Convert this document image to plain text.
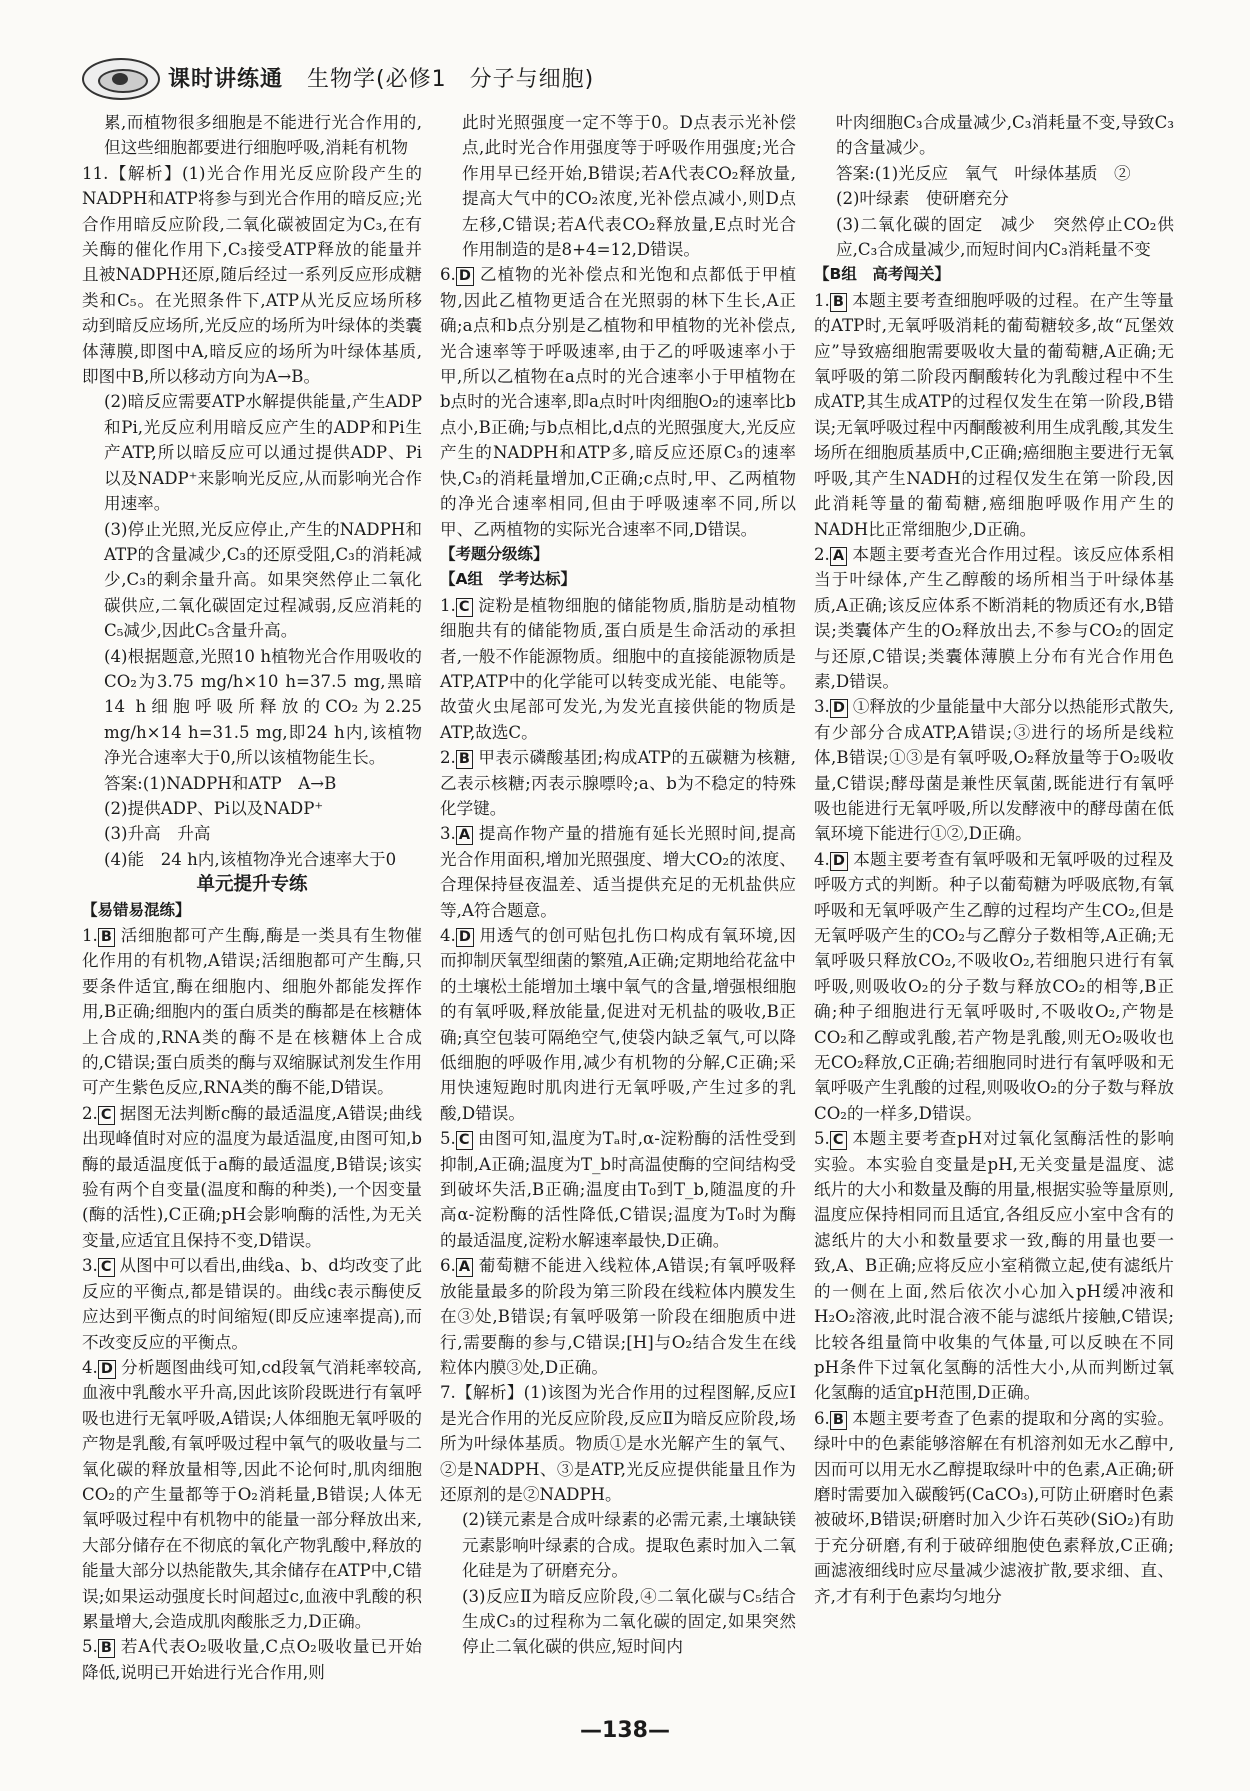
课时讲练通 生物学(必修1　分子与细胞)
累,而植物很多细胞是不能进行光合作用的,但这些细胞都要进行细胞呼吸,消耗有机物
11.【解析】(1)光合作用光反应阶段产生的NADPH和ATP将参与到光合作用的暗反应;光合作用暗反应阶段,二氧化碳被固定为C₃,在有关酶的催化作用下,C₃接受ATP释放的能量并且被NADPH还原,随后经过一系列反应形成糖类和C₅。在光照条件下,ATP从光反应场所移动到暗反应场所,光反应的场所为叶绿体的类囊体薄膜,即图中A,暗反应的场所为叶绿体基质,即图中B,所以移动方向为A→B。
(2)暗反应需要ATP水解提供能量,产生ADP和Pi,光反应利用暗反应产生的ADP和Pi生产ATP,所以暗反应可以通过提供ADP、Pi以及NADP⁺来影响光反应,从而影响光合作用速率。
(3)停止光照,光反应停止,产生的NADPH和ATP的含量减少,C₃的还原受阻,C₃的消耗减少,C₃的剩余量升高。如果突然停止二氧化碳供应,二氧化碳固定过程减弱,反应消耗的C₅减少,因此C₅含量升高。
(4)根据题意,光照10 h植物光合作用吸收的CO₂为3.75 mg/h×10 h=37.5 mg,黑暗14 h细胞呼吸所释放的CO₂为2.25 mg/h×14 h=31.5 mg,即24 h内,该植物净光合速率大于0,所以该植物能生长。
答案:(1)NADPH和ATP　A→B
(2)提供ADP、Pi以及NADP⁺
(3)升高　升高
(4)能　24 h内,该植物净光合速率大于0
单元提升专练
【易错易混练】
1. B 活细胞都可产生酶,酶是一类具有生物催化作用的有机物,A错误;活细胞都可产生酶,只要条件适宜,酶在细胞内、细胞外都能发挥作用,B正确;细胞内的蛋白质类的酶都是在核糖体上合成的,RNA类的酶不是在核糖体上合成的,C错误;蛋白质类的酶与双缩脲试剂发生作用可产生紫色反应,RNA类的酶不能,D错误。
2. C 据图无法判断c酶的最适温度,A错误;曲线出现峰值时对应的温度为最适温度,由图可知,b酶的最适温度低于a酶的最适温度,B错误;该实验有两个自变量(温度和酶的种类),一个因变量(酶的活性),C正确;pH会影响酶的活性,为无关变量,应适宜且保持不变,D错误。
3. C 从图中可以看出,曲线a、b、d均改变了此反应的平衡点,都是错误的。曲线c表示酶使反应达到平衡点的时间缩短(即反应速率提高),而不改变反应的平衡点。
4. D 分析题图曲线可知,cd段氧气消耗率较高,血液中乳酸水平升高,因此该阶段既进行有氧呼吸也进行无氧呼吸,A错误;人体细胞无氧呼吸的产物是乳酸,有氧呼吸过程中氧气的吸收量与二氧化碳的释放量相等,因此不论何时,肌肉细胞CO₂的产生量都等于O₂消耗量,B错误;人体无氧呼吸过程中有机物中的能量一部分释放出来,大部分储存在不彻底的氧化产物乳酸中,释放的能量大部分以热能散失,其余储存在ATP中,C错误;如果运动强度长时间超过c,血液中乳酸的积累量增大,会造成肌肉酸胀乏力,D正确。
5. B 若A代表O₂吸收量,C点O₂吸收量已开始降低,说明已开始进行光合作用,则
此时光照强度一定不等于0。D点表示光补偿点,此时光合作用强度等于呼吸作用强度;光合作用早已经开始,B错误;若A代表CO₂释放量,提高大气中的CO₂浓度,光补偿点减小,则D点左移,C错误;若A代表CO₂释放量,E点时光合作用制造的是8+4=12,D错误。
6. D 乙植物的光补偿点和光饱和点都低于甲植物,因此乙植物更适合在光照弱的林下生长,A正确;a点和b点分别是乙植物和甲植物的光补偿点,光合速率等于呼吸速率,由于乙的呼吸速率小于甲,所以乙植物在a点时的光合速率小于甲植物在b点时的光合速率,即a点时叶肉细胞O₂的速率比b点小,B正确;与b点相比,d点的光照强度大,光反应产生的NADPH和ATP多,暗反应还原C₃的速率快,C₃的消耗量增加,C正确;c点时,甲、乙两植物的净光合速率相同,但由于呼吸速率不同,所以甲、乙两植物的实际光合速率不同,D错误。
【考题分级练】
【A组　学考达标】
1. C 淀粉是植物细胞的储能物质,脂肪是动植物细胞共有的储能物质,蛋白质是生命活动的承担者,一般不作能源物质。细胞中的直接能源物质是ATP,ATP中的化学能可以转变成光能、电能等。故萤火虫尾部可发光,为发光直接供能的物质是ATP,故选C。
2. B 甲表示磷酸基团;构成ATP的五碳糖为核糖,乙表示核糖;丙表示腺嘌呤;a、b为不稳定的特殊化学键。
3. A 提高作物产量的措施有延长光照时间,提高光合作用面积,增加光照强度、增大CO₂的浓度、合理保持昼夜温差、适当提供充足的无机盐供应等,A符合题意。
4. D 用透气的创可贴包扎伤口构成有氧环境,因而抑制厌氧型细菌的繁殖,A正确;定期地给花盆中的土壤松土能增加土壤中氧气的含量,增强根细胞的有氧呼吸,释放能量,促进对无机盐的吸收,B正确;真空包装可隔绝空气,使袋内缺乏氧气,可以降低细胞的呼吸作用,减少有机物的分解,C正确;采用快速短跑时肌肉进行无氧呼吸,产生过多的乳酸,D错误。
5. C 由图可知,温度为Tₐ时,α-淀粉酶的活性受到抑制,A正确;温度为T_b时高温使酶的空间结构受到破坏失活,B正确;温度由T₀到T_b,随温度的升高α-淀粉酶的活性降低,C错误;温度为T₀时为酶的最适温度,淀粉水解速率最快,D正确。
6. A 葡萄糖不能进入线粒体,A错误;有氧呼吸释放能量最多的阶段为第三阶段在线粒体内膜发生在③处,B错误;有氧呼吸第一阶段在细胞质中进行,需要酶的参与,C错误;[H]与O₂结合发生在线粒体内膜③处,D正确。
7.【解析】(1)该图为光合作用的过程图解,反应Ⅰ是光合作用的光反应阶段,反应Ⅱ为暗反应阶段,场所为叶绿体基质。物质①是水光解产生的氧气、②是NADPH、③是ATP,光反应提供能量且作为还原剂的是②NADPH。
(2)镁元素是合成叶绿素的必需元素,土壤缺镁元素影响叶绿素的合成。提取色素时加入二氧化硅是为了研磨充分。
(3)反应Ⅱ为暗反应阶段,④二氧化碳与C₅结合生成C₃的过程称为二氧化碳的固定,如果突然停止二氧化碳的供应,短时间内
叶肉细胞C₃合成量减少,C₃消耗量不变,导致C₃的含量减少。
答案:(1)光反应　氧气　叶绿体基质　②
(2)叶绿素　使研磨充分
(3)二氧化碳的固定　减少　突然停止CO₂供应,C₃合成量减少,而短时间内C₃消耗量不变
【B组　高考闯关】
1. B 本题主要考查细胞呼吸的过程。在产生等量的ATP时,无氧呼吸消耗的葡萄糖较多,故“瓦堡效应”导致癌细胞需要吸收大量的葡萄糖,A正确;无氧呼吸的第二阶段丙酮酸转化为乳酸过程中不生成ATP,其生成ATP的过程仅发生在第一阶段,B错误;无氧呼吸过程中丙酮酸被利用生成乳酸,其发生场所在细胞质基质中,C正确;癌细胞主要进行无氧呼吸,其产生NADH的过程仅发生在第一阶段,因此消耗等量的葡萄糖,癌细胞呼吸作用产生的NADH比正常细胞少,D正确。
2. A 本题主要考查光合作用过程。该反应体系相当于叶绿体,产生乙醇酸的场所相当于叶绿体基质,A正确;该反应体系不断消耗的物质还有水,B错误;类囊体产生的O₂释放出去,不参与CO₂的固定与还原,C错误;类囊体薄膜上分布有光合作用色素,D错误。
3. D ①释放的少量能量中大部分以热能形式散失,有少部分合成ATP,A错误;③进行的场所是线粒体,B错误;①③是有氧呼吸,O₂释放量等于O₂吸收量,C错误;酵母菌是兼性厌氧菌,既能进行有氧呼吸也能进行无氧呼吸,所以发酵液中的酵母菌在低氧环境下能进行①②,D正确。
4. D 本题主要考查有氧呼吸和无氧呼吸的过程及呼吸方式的判断。种子以葡萄糖为呼吸底物,有氧呼吸和无氧呼吸产生乙醇的过程均产生CO₂,但是无氧呼吸产生的CO₂与乙醇分子数相等,A正确;无氧呼吸只释放CO₂,不吸收O₂,若细胞只进行有氧呼吸,则吸收O₂的分子数与释放CO₂的相等,B正确;种子细胞进行无氧呼吸时,不吸收O₂,产物是CO₂和乙醇或乳酸,若产物是乳酸,则无O₂吸收也无CO₂释放,C正确;若细胞同时进行有氧呼吸和无氧呼吸产生乳酸的过程,则吸收O₂的分子数与释放CO₂的一样多,D错误。
5. C 本题主要考查pH对过氧化氢酶活性的影响实验。本实验自变量是pH,无关变量是温度、滤纸片的大小和数量及酶的用量,根据实验等量原则,温度应保持相同而且适宜,各组反应小室中含有的滤纸片的大小和数量要求一致,酶的用量也要一致,A、B正确;应将反应小室稍微立起,使有滤纸片的一侧在上面,然后依次小心加入pH缓冲液和H₂O₂溶液,此时混合液不能与滤纸片接触,C错误;比较各组量筒中收集的气体量,可以反映在不同pH条件下过氧化氢酶的活性大小,从而判断过氧化氢酶的适宜pH范围,D正确。
6. B 本题主要考查了色素的提取和分离的实验。绿叶中的色素能够溶解在有机溶剂如无水乙醇中,因而可以用无水乙醇提取绿叶中的色素,A正确;研磨时需要加入碳酸钙(CaCO₃),可防止研磨时色素被破坏,B错误;研磨时加入少许石英砂(SiO₂)有助于充分研磨,有利于破碎细胞使色素释放,C正确;画滤液细线时应尽量减少滤液扩散,要求细、直、齐,才有利于色素均匀地分
—138—
